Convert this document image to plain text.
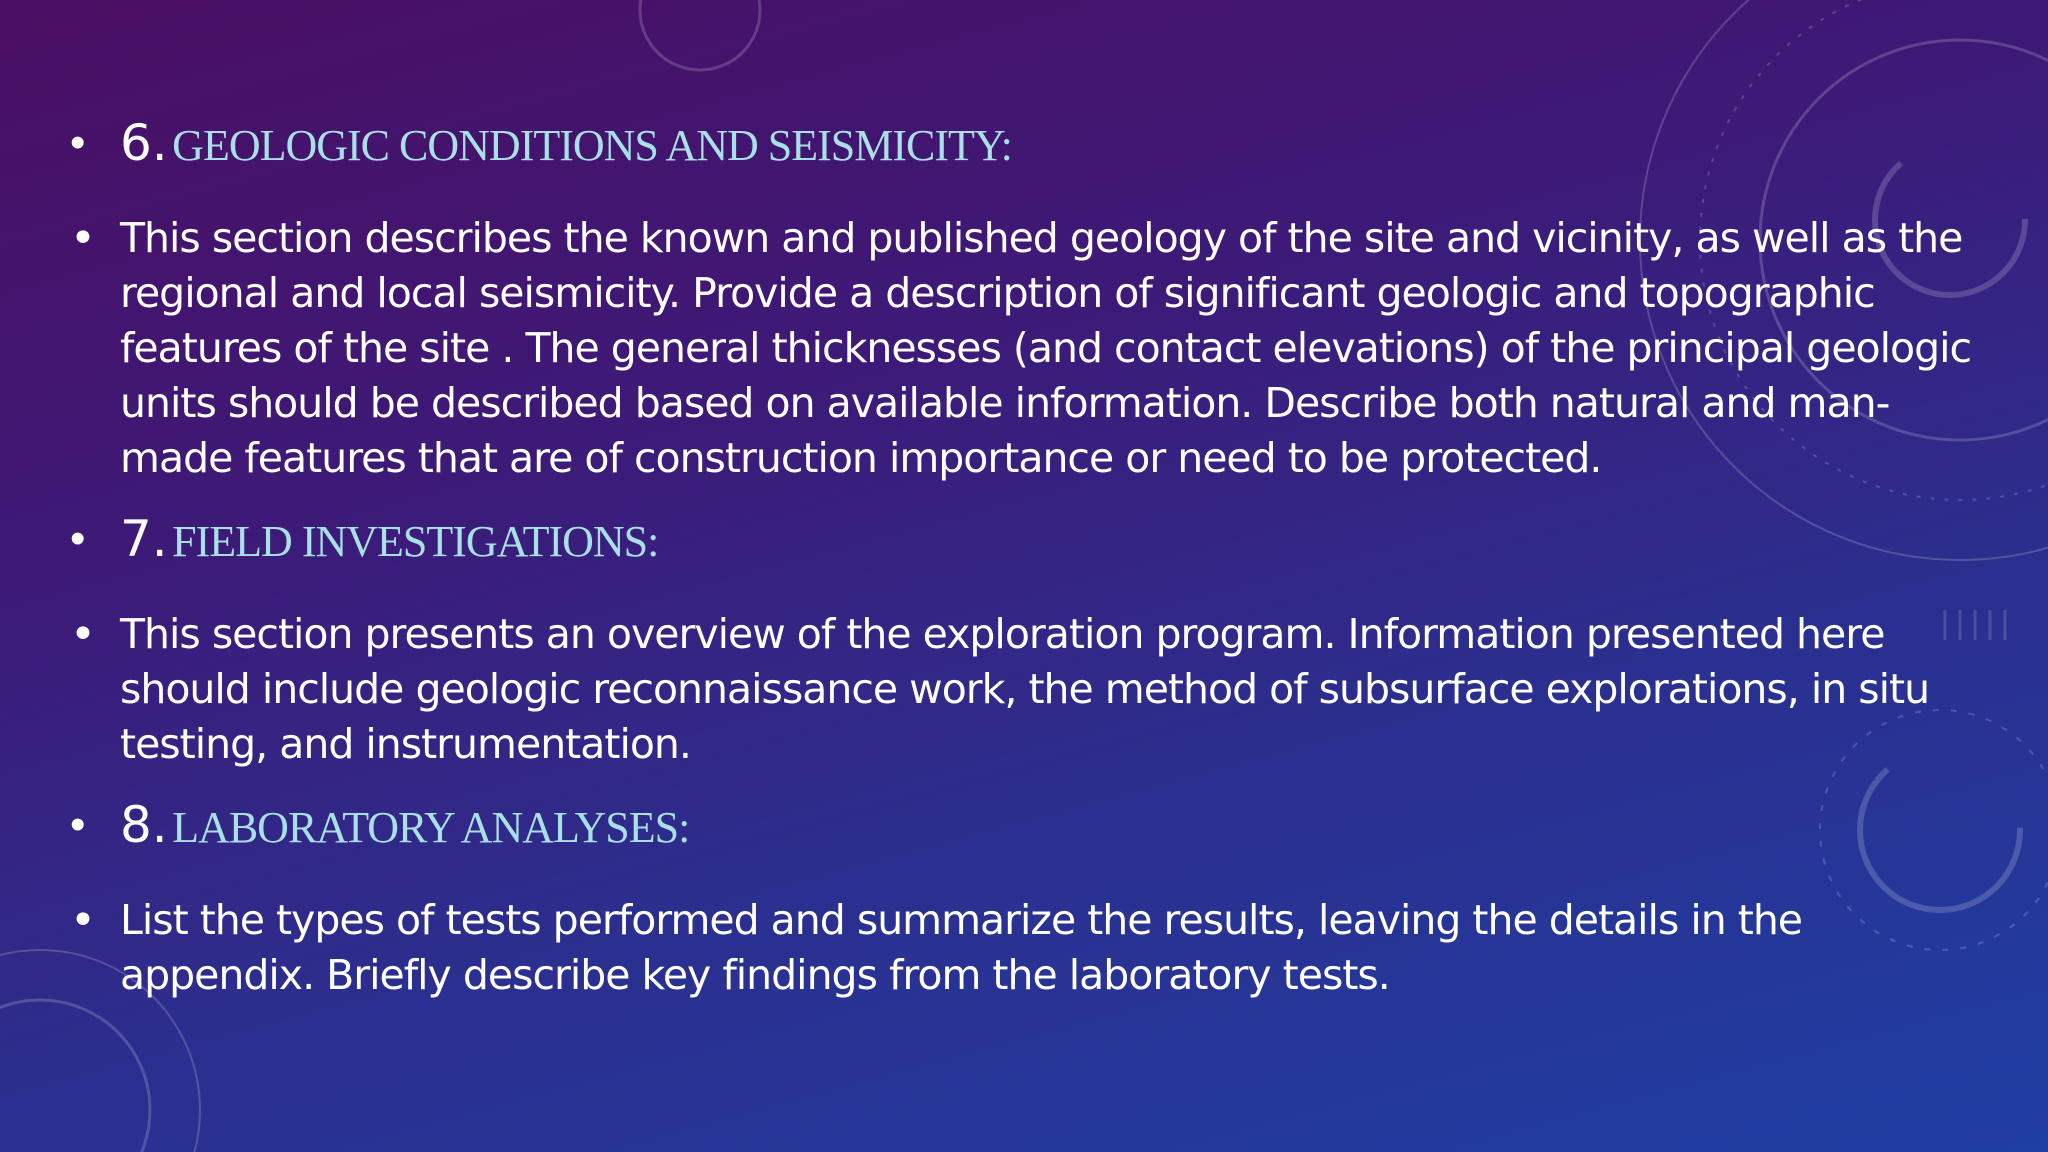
• 6. GEOLOGIC CONDITIONS AND SEISMICITY:
• This section describes the known and published geology of the site and vicinity, as well as the regional and local seismicity. Provide a description of significant geologic and topographic features of the site . The general thicknesses (and contact elevations) of the principal geologic units should be described based on available information. Describe both natural and man-made features that are of construction importance or need to be protected.
• 7. FIELD INVESTIGATIONS:
• This section presents an overview of the exploration program. Information presented here should include geologic reconnaissance work, the method of subsurface explorations, in situ testing, and instrumentation.
• 8. LABORATORY ANALYSES:
• List the types of tests performed and summarize the results, leaving the details in the appendix. Briefly describe key findings from the laboratory tests.
